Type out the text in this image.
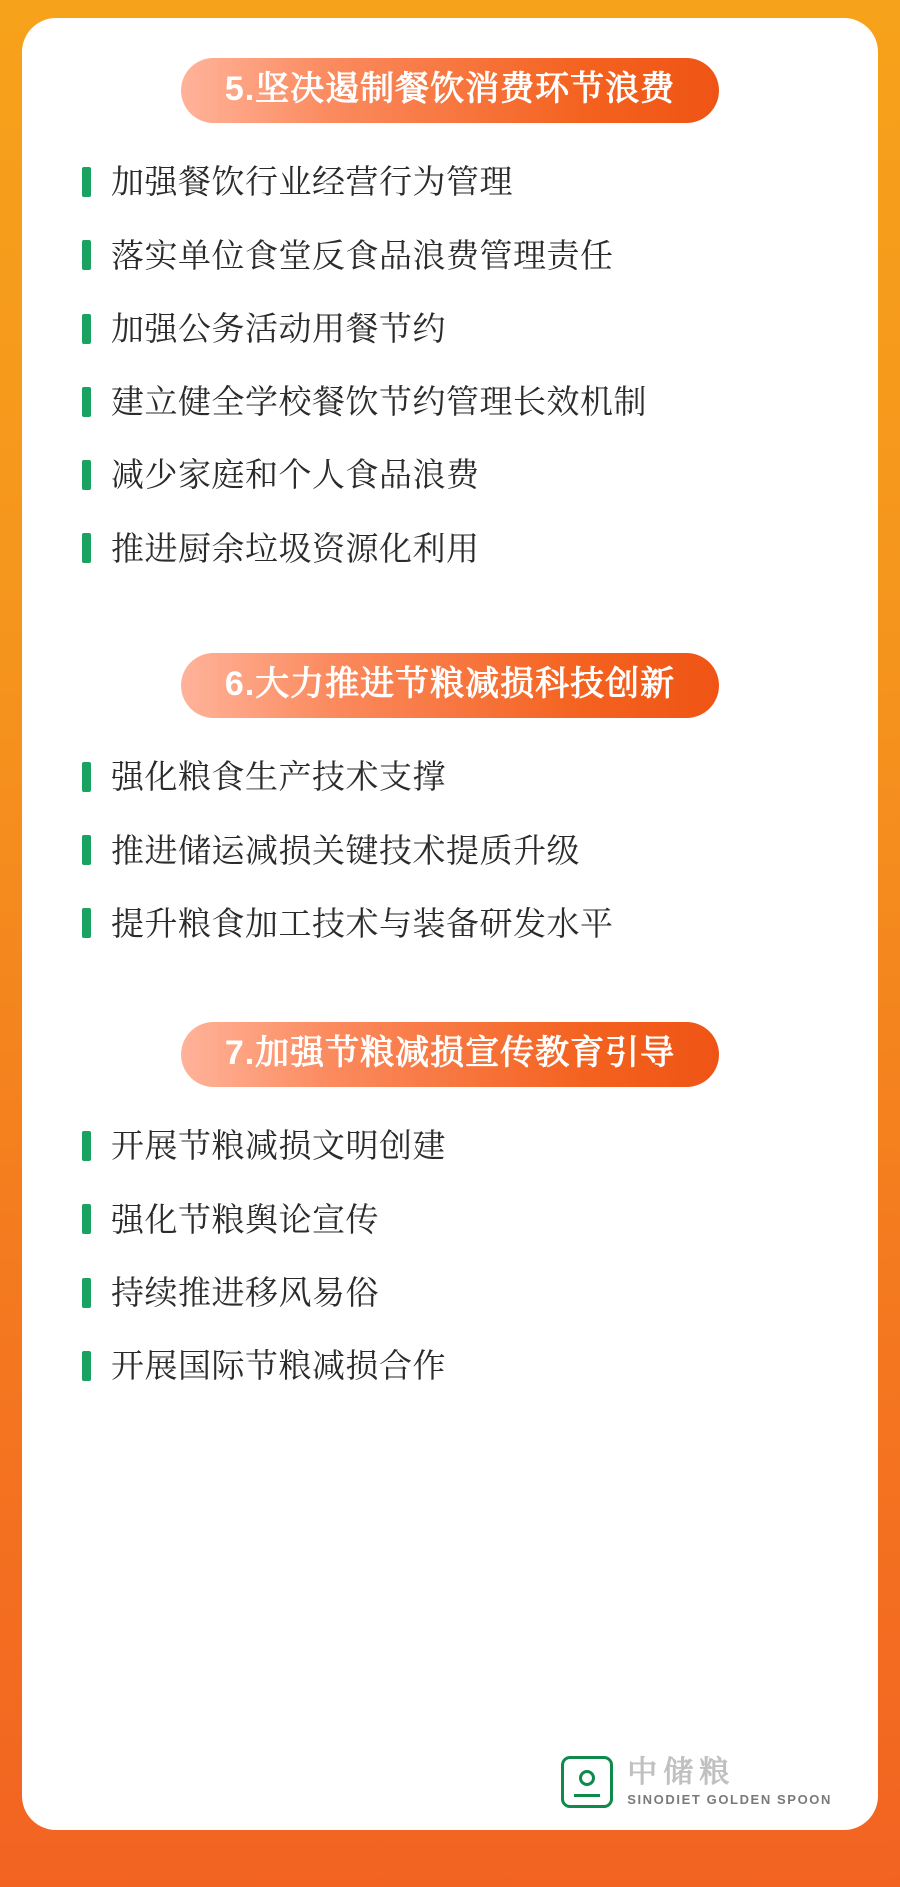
5.坚决遏制餐饮消费环节浪费
加强餐饮行业经营行为管理
落实单位食堂反食品浪费管理责任
加强公务活动用餐节约
建立健全学校餐饮节约管理长效机制
减少家庭和个人食品浪费
推进厨余垃圾资源化利用
6.大力推进节粮减损科技创新
强化粮食生产技术支撑
推进储运减损关键技术提质升级
提升粮食加工技术与装备研发水平
7.加强节粮减损宣传教育引导
开展节粮减损文明创建
强化节粮舆论宣传
持续推进移风易俗
开展国际节粮减损合作
中储粮
SINODIET GOLDEN SPOON
